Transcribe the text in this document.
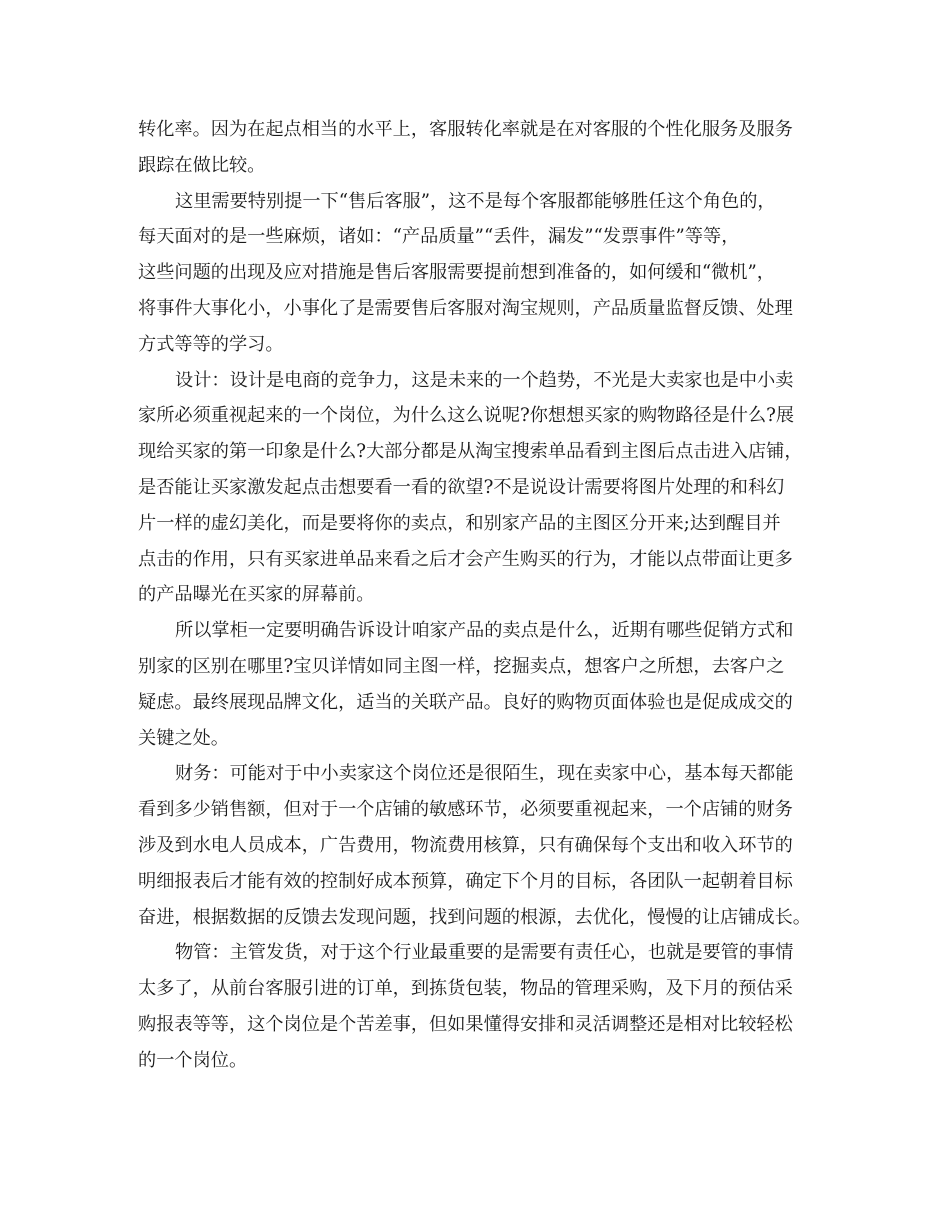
转化率。因为在起点相当的水平上，客服转化率就是在对客服的个性化服务及服务
跟踪在做比较。
这里需要特别提一下“售后客服”，这不是每个客服都能够胜任这个角色的，
每天面对的是一些麻烦，诸如：“产品质量”“丢件，漏发”“发票事件”等等，
这些问题的出现及应对措施是售后客服需要提前想到准备的，如何缓和“微机”，
将事件大事化小，小事化了是需要售后客服对淘宝规则，产品质量监督反馈、处理
方式等等的学习。
设计：设计是电商的竞争力，这是未来的一个趋势，不光是大卖家也是中小卖
家所必须重视起来的一个岗位，为什么这么说呢?你想想买家的购物路径是什么?展
现给买家的第一印象是什么?大部分都是从淘宝搜索单品看到主图后点击进入店铺，
是否能让买家激发起点击想要看一看的欲望?不是说设计需要将图片处理的和科幻
片一样的虚幻美化，而是要将你的卖点，和别家产品的主图区分开来;达到醒目并
点击的作用，只有买家进单品来看之后才会产生购买的行为，才能以点带面让更多
的产品曝光在买家的屏幕前。
所以掌柜一定要明确告诉设计咱家产品的卖点是什么，近期有哪些促销方式和
别家的区别在哪里?宝贝详情如同主图一样，挖掘卖点，想客户之所想，去客户之
疑虑。最终展现品牌文化，适当的关联产品。良好的购物页面体验也是促成成交的
关键之处。
财务：可能对于中小卖家这个岗位还是很陌生，现在卖家中心，基本每天都能
看到多少销售额，但对于一个店铺的敏感环节，必须要重视起来，一个店铺的财务
涉及到水电人员成本，广告费用，物流费用核算，只有确保每个支出和收入环节的
明细报表后才能有效的控制好成本预算，确定下个月的目标，各团队一起朝着目标
奋进，根据数据的反馈去发现问题，找到问题的根源，去优化，慢慢的让店铺成长。
物管：主管发货，对于这个行业最重要的是需要有责任心，也就是要管的事情
太多了，从前台客服引进的订单，到拣货包装，物品的管理采购，及下月的预估采
购报表等等，这个岗位是个苦差事，但如果懂得安排和灵活调整还是相对比较轻松
的一个岗位。
